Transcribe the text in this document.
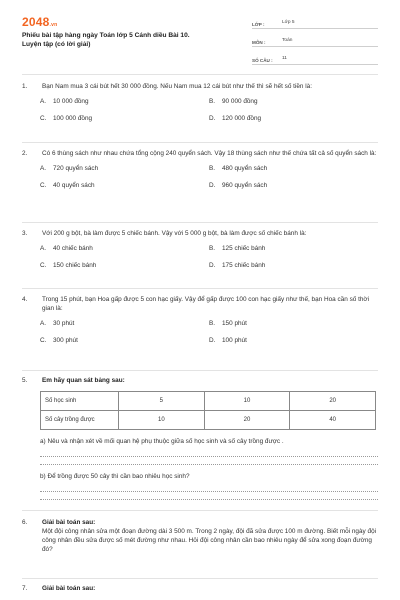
2048.vn
Phiếu bài tập hàng ngày Toán lớp 5 Cánh diều Bài 10.
Luyện tập (có lời giải)
LỚP :	Lớp 5
MÔN :	Toán
SỐ CÂU :	11
1.	Bạn Nam mua 3 cái bút hết 30 000 đồng. Nếu Nam mua 12 cái bút như thế thì sẽ hết số tiền là:
A.	10 000 đồng	B.	90 000 đồng
C.	100 000 đồng	D.	120 000 đồng
2.	Có 6 thùng sách như nhau chứa tổng cộng 240 quyển sách. Vậy 18 thùng sách như thế chứa tất cả số quyển sách là:
A.	720 quyển sách	B.	480 quyển sách
C.	40 quyển sách	D.	960 quyển sách
3.	Với 200 g bột, bà làm được 5 chiếc bánh. Vậy với 5 000 g bột, bà làm được số chiếc bánh là:
A.	40 chiếc bánh	B.	125 chiếc bánh
C.	150 chiếc bánh	D.	175 chiếc bánh
4.	Trong 15 phút, bạn Hoa gấp được 5 con hạc giấy. Vậy để gấp được 100 con hạc giấy như thế, bạn Hoa cần số thời gian là:
A.	30 phút	B.	150 phút
C.	300 phút	D.	100 phút
5.	Em hãy quan sát bảng sau:
Số học sinh	5	10	20
Số cây trồng được	10	20	40
a) Nêu và nhận xét về mối quan hệ phụ thuộc giữa số học sinh và số cây trồng được .
b) Để trồng được 50 cây thì cần bao nhiêu học sinh?
6.	Giải bài toán sau:
Một đội công nhân sửa một đoạn đường dài 3 500 m. Trong 2 ngày, đội đã sửa được 100 m đường. Biết mỗi ngày đội công nhân đều sửa được số mét đường như nhau. Hỏi đội công nhân cần bao nhiêu ngày để sửa xong đoạn đường đó?
7.	Giải bài toán sau:
